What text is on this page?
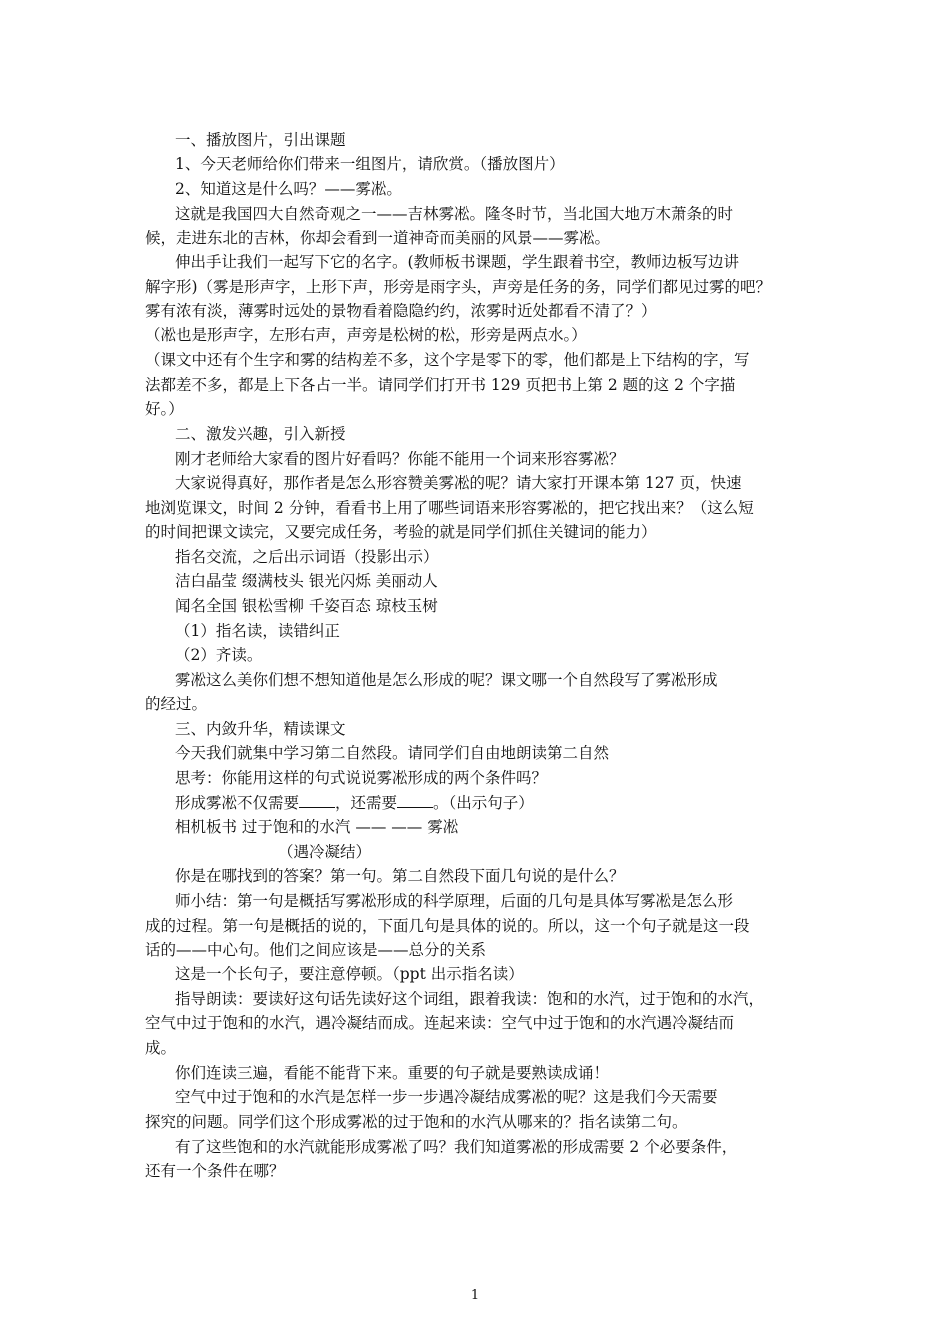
一、播放图片，引出课题
1、今天老师给你们带来一组图片，请欣赏。（播放图片）
2、知道这是什么吗？——雾凇。
这就是我国四大自然奇观之一——吉林雾凇。隆冬时节，当北国大地万木萧条的时
候，走进东北的吉林，你却会看到一道神奇而美丽的风景——雾凇。
伸出手让我们一起写下它的名字。(教师板书课题，学生跟着书空，教师边板写边讲
解字形)（雾是形声字，上形下声，形旁是雨字头，声旁是任务的务，同学们都见过雾的吧？
雾有浓有淡，薄雾时远处的景物看着隐隐约约，浓雾时近处都看不清了？）
（凇也是形声字，左形右声，声旁是松树的松，形旁是两点水。）
（课文中还有个生字和雾的结构差不多，这个字是零下的零，他们都是上下结构的字，写
法都差不多，都是上下各占一半。请同学们打开书 129 页把书上第 2 题的这 2 个字描
好。）
二、激发兴趣，引入新授
刚才老师给大家看的图片好看吗？你能不能用一个词来形容雾凇？
大家说得真好，那作者是怎么形容赞美雾凇的呢？请大家打开课本第 127 页，快速
地浏览课文，时间 2 分钟，看看书上用了哪些词语来形容雾凇的，把它找出来？（这么短
的时间把课文读完，又要完成任务，考验的就是同学们抓住关键词的能力）
指名交流，之后出示词语（投影出示）
洁白晶莹 缀满枝头 银光闪烁 美丽动人
闻名全国 银松雪柳 千姿百态 琼枝玉树
（1）指名读，读错纠正
（2）齐读。
雾凇这么美你们想不想知道他是怎么形成的呢？课文哪一个自然段写了雾凇形成
的经过。
三、内敛升华，精读课文
今天我们就集中学习第二自然段。请同学们自由地朗读第二自然
思考：你能用这样的句式说说雾凇形成的两个条件吗？
形成雾凇不仅需要 ，还需要 。（出示句子）
相机板书 过于饱和的水汽 —— —— 雾凇
（遇冷凝结）
你是在哪找到的答案？第一句。第二自然段下面几句说的是什么？
师小结：第一句是概括写雾凇形成的科学原理，后面的几句是具体写雾凇是怎么形
成的过程。第一句是概括的说的，下面几句是具体的说的。所以，这一个句子就是这一段
话的——中心句。他们之间应该是——总分的关系
这是一个长句子，要注意停顿。（ppt 出示指名读）
指导朗读：要读好这句话先读好这个词组，跟着我读：饱和的水汽，过于饱和的水汽，
空气中过于饱和的水汽，遇冷凝结而成。连起来读：空气中过于饱和的水汽遇冷凝结而
成。
你们连读三遍，看能不能背下来。重要的句子就是要熟读成诵！
空气中过于饱和的水汽是怎样一步一步遇冷凝结成雾凇的呢？这是我们今天需要
探究的问题。同学们这个形成雾凇的过于饱和的水汽从哪来的？指名读第二句。
有了这些饱和的水汽就能形成雾凇了吗？我们知道雾凇的形成需要 2 个必要条件，
还有一个条件在哪？
1
